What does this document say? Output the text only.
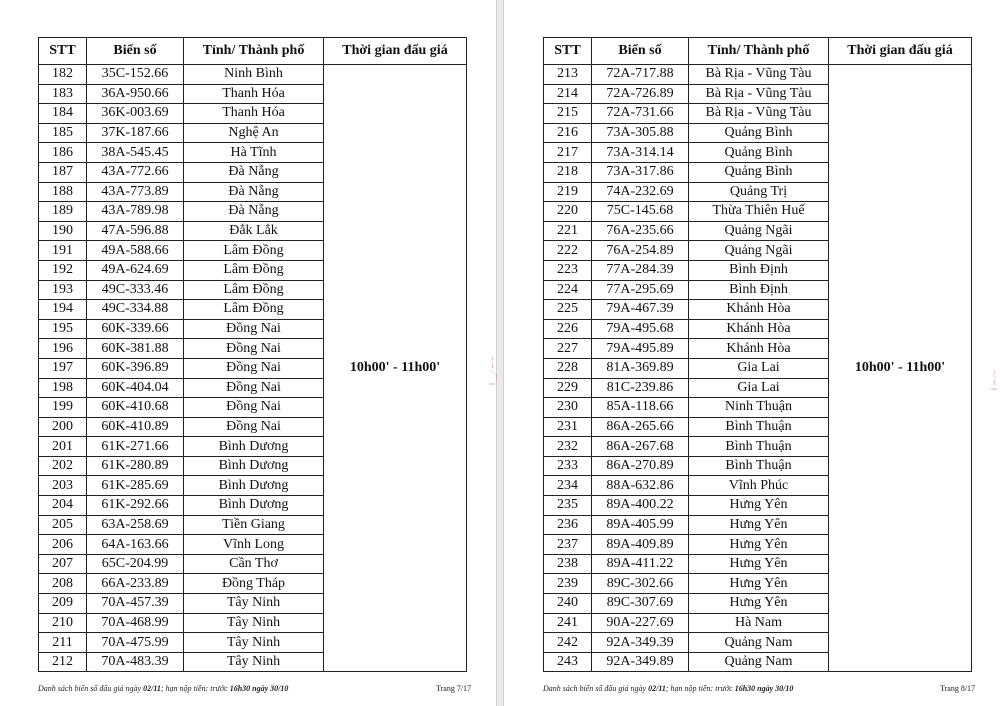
STT	Biển số	Tỉnh/ Thành phố	Thời gian đấu giá
182	35C-152.66	Ninh Bình	10h00' - 11h00'
183	36A-950.66	Thanh Hóa	
184	36K-003.69	Thanh Hóa	
185	37K-187.66	Nghệ An	
186	38A-545.45	Hà Tĩnh	
187	43A-772.66	Đà Nẵng	
188	43A-773.89	Đà Nẵng	
189	43A-789.98	Đà Nẵng	
190	47A-596.88	Đắk Lắk	
191	49A-588.66	Lâm Đồng	
192	49A-624.69	Lâm Đồng	
193	49C-333.46	Lâm Đồng	
194	49C-334.88	Lâm Đồng	
195	60K-339.66	Đồng Nai	
196	60K-381.88	Đồng Nai	
197	60K-396.89	Đồng Nai	
198	60K-404.04	Đồng Nai	
199	60K-410.68	Đồng Nai	
200	60K-410.89	Đồng Nai	
201	61K-271.66	Bình Dương	
202	61K-280.89	Bình Dương	
203	61K-285.69	Bình Dương	
204	61K-292.66	Bình Dương	
205	63A-258.69	Tiền Giang	
206	64A-163.66	Vĩnh Long	
207	65C-204.99	Cần Thơ	
208	66A-233.89	Đồng Tháp	
209	70A-457.39	Tây Ninh	
210	70A-468.99	Tây Ninh	
211	70A-475.99	Tây Ninh	
212	70A-483.39	Tây Ninh	
Danh sách biển số đấu giá ngày 02/11; hạn nộp tiền: trước 16h30 ngày 30/10	Trang 7/17
ǁ ‿ ∕ ∽ ⌐
STT	Biển số	Tỉnh/ Thành phố	Thời gian đấu giá
213	72A-717.88	Bà Rịa - Vũng Tàu	10h00' - 11h00'
214	72A-726.89	Bà Rịa - Vũng Tàu	
215	72A-731.66	Bà Rịa - Vũng Tàu	
216	73A-305.88	Quảng Bình	
217	73A-314.14	Quảng Bình	
218	73A-317.86	Quảng Bình	
219	74A-232.69	Quảng Trị	
220	75C-145.68	Thừa Thiên Huế	
221	76A-235.66	Quảng Ngãi	
222	76A-254.89	Quảng Ngãi	
223	77A-284.39	Bình Định	
224	77A-295.69	Bình Định	
225	79A-467.39	Khánh Hòa	
226	79A-495.68	Khánh Hòa	
227	79A-495.89	Khánh Hòa	
228	81A-369.89	Gia Lai	
229	81C-239.86	Gia Lai	
230	85A-118.66	Ninh Thuận	
231	86A-265.66	Bình Thuận	
232	86A-267.68	Bình Thuận	
233	86A-270.89	Bình Thuận	
234	88A-632.86	Vĩnh Phúc	
235	89A-400.22	Hưng Yên	
236	89A-405.99	Hưng Yên	
237	89A-409.89	Hưng Yên	
238	89A-411.22	Hưng Yên	
239	89C-302.66	Hưng Yên	
240	89C-307.69	Hưng Yên	
241	90A-227.69	Hà Nam	
242	92A-349.39	Quảng Nam	
243	92A-349.89	Quảng Nam	
Danh sách biển số đấu giá ngày 02/11; hạn nộp tiền: trước 16h30 ngày 30/10	Trang 8/17
ǁ ∽ ∕ ⌐
